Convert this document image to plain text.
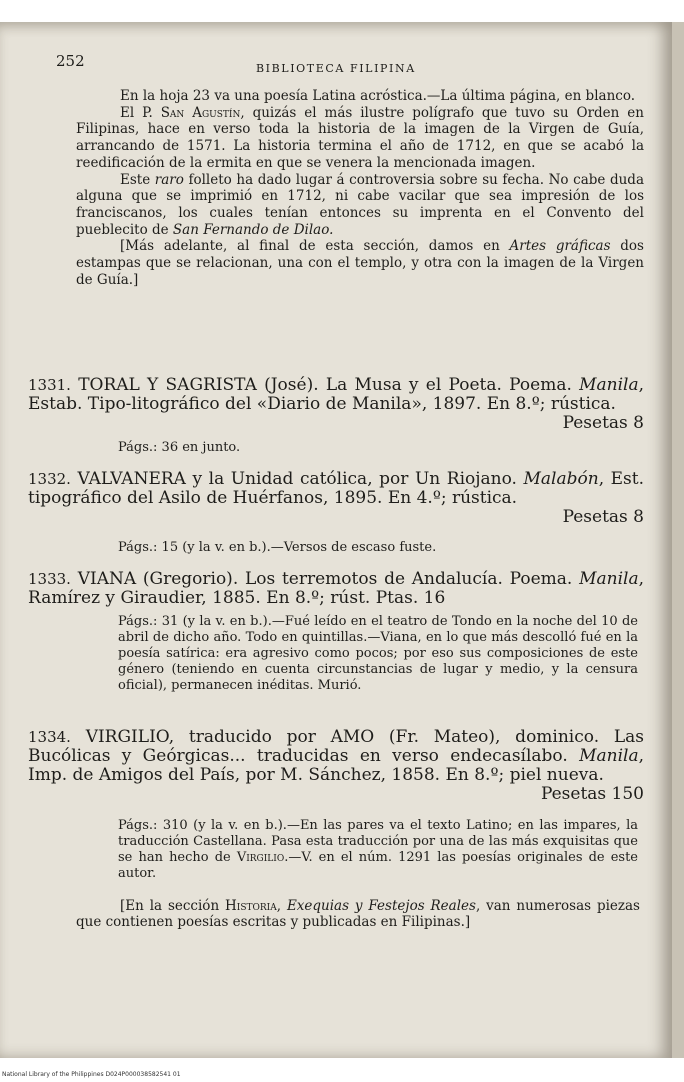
252	BIBLIOTECA FILIPINA

En la hoja 23 va una poesía Latina acróstica.—La última página, en blanco.

El P. San Agustín, quizás el más ilustre polígrafo que tuvo su Orden en Filipinas, hace en verso toda la historia de la imagen de la Virgen de Guía, arrancando de 1571. La historia termina el año de 1712, en que se acabó la reedificación de la ermita en que se venera la mencionada imagen.

Este raro folleto ha dado lugar á controversia sobre su fecha. No cabe duda alguna que se imprimió en 1712, ni cabe vacilar que sea impresión de los franciscanos, los cuales tenían entonces su imprenta en el Convento del pueblecito de San Fernando de Dilao.

[Más adelante, al final de esta sección, damos en Artes gráficas dos estampas que se relacionan, una con el templo, y otra con la imagen de la Virgen de Guía.]

1331. TORAL Y SAGRISTA (José). La Musa y el Poeta. Poema. Manila, Estab. Tipo-litográfico del «Diario de Manila», 1897. En 8.º; rústica.
Pesetas 8
Págs.: 36 en junto.
1332. VALVANERA y la Unidad católica, por Un Riojano. Malabón, Est. tipográfico del Asilo de Huérfanos, 1895. En 4.º; rústica.
Pesetas 8
Págs.: 15 (y la v. en b.).—Versos de escaso fuste.
1333. VIANA (Gregorio). Los terremotos de Andalucía. Poema. Manila, Ramírez y Giraudier, 1885. En 8.º; rúst. Ptas. 16
Págs.: 31 (y la v. en b.).—Fué leído en el teatro de Tondo en la noche del 10 de abril de dicho año. Todo en quintillas.—Viana, en lo que más descolló fué en la poesía satírica: era agresivo como pocos; por eso sus composiciones de este género (teniendo en cuenta circunstancias de lugar y medio, y la censura oficial), permanecen inéditas. Murió.
1334. VIRGILIO, traducido por AMO (Fr. Mateo), dominico. Las Bucólicas y Geórgicas... traducidas en verso endecasílabo. Manila, Imp. de Amigos del País, por M. Sánchez, 1858. En 8.º; piel nueva.
Pesetas 150
Págs.: 310 (y la v. en b.).—En las pares va el texto Latino; en las impares, la traducción Castellana. Pasa esta traducción por una de las más exquisitas que se han hecho de Virgilio.—V. en el núm. 1291 las poesías originales de este autor.

[En la sección Historia, Exequias y Festejos Reales, van numerosas piezas que contienen poesías escritas y publicadas en Filipinas.]

National Library of the Philippines D024P000038582541 01
